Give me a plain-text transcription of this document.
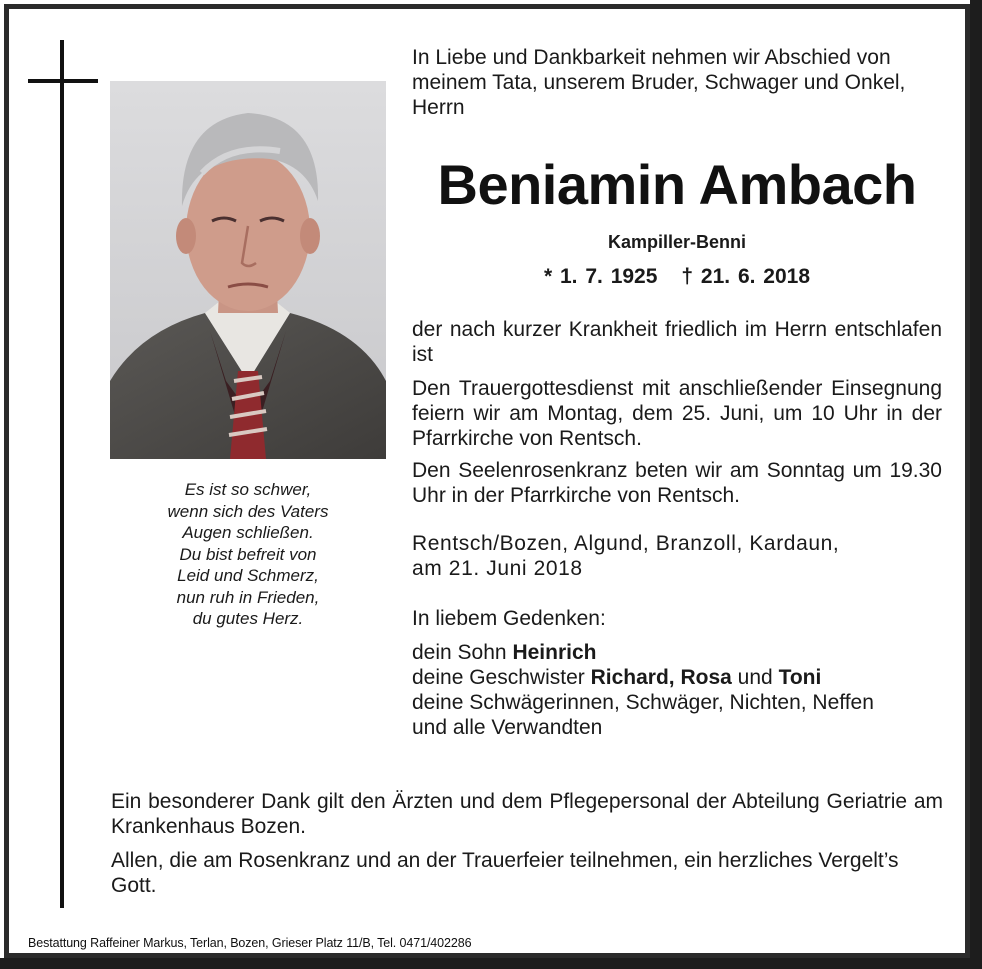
Es ist so schwer,
wenn sich des Vaters
Augen schließen.
Du bist befreit von
Leid und Schmerz,
nun ruh in Frieden,
du gutes Herz.
In Liebe und Dankbarkeit nehmen wir Abschied von meinem Tata, unserem Bruder, Schwager und Onkel, Herrn
Beniamin Ambach
Kampiller-Benni
* 1. 7. 1925 † 21. 6. 2018
der nach kurzer Krankheit friedlich im Herrn entschlafen ist
Den Trauergottesdienst mit anschließender Einsegnung feiern wir am Montag, dem 25. Juni, um 10 Uhr in der Pfarrkirche von Rentsch.
Den Seelenrosenkranz beten wir am Sonntag um 19.30 Uhr in der Pfarrkirche von Rentsch.
Rentsch/Bozen, Algund, Branzoll, Kardaun,
am 21. Juni 2018
In liebem Gedenken:
dein Sohn Heinrich
deine Geschwister Richard, Rosa und Toni
deine Schwägerinnen, Schwäger, Nichten, Neffen
und alle Verwandten
Ein besonderer Dank gilt den Ärzten und dem Pflegepersonal der Abteilung Geriatrie am Krankenhaus Bozen.
Allen, die am Rosenkranz und an der Trauerfeier teilnehmen, ein herzliches Vergelt’s Gott.
Bestattung Raffeiner Markus, Terlan, Bozen, Grieser Platz 11/B, Tel. 0471/402286
